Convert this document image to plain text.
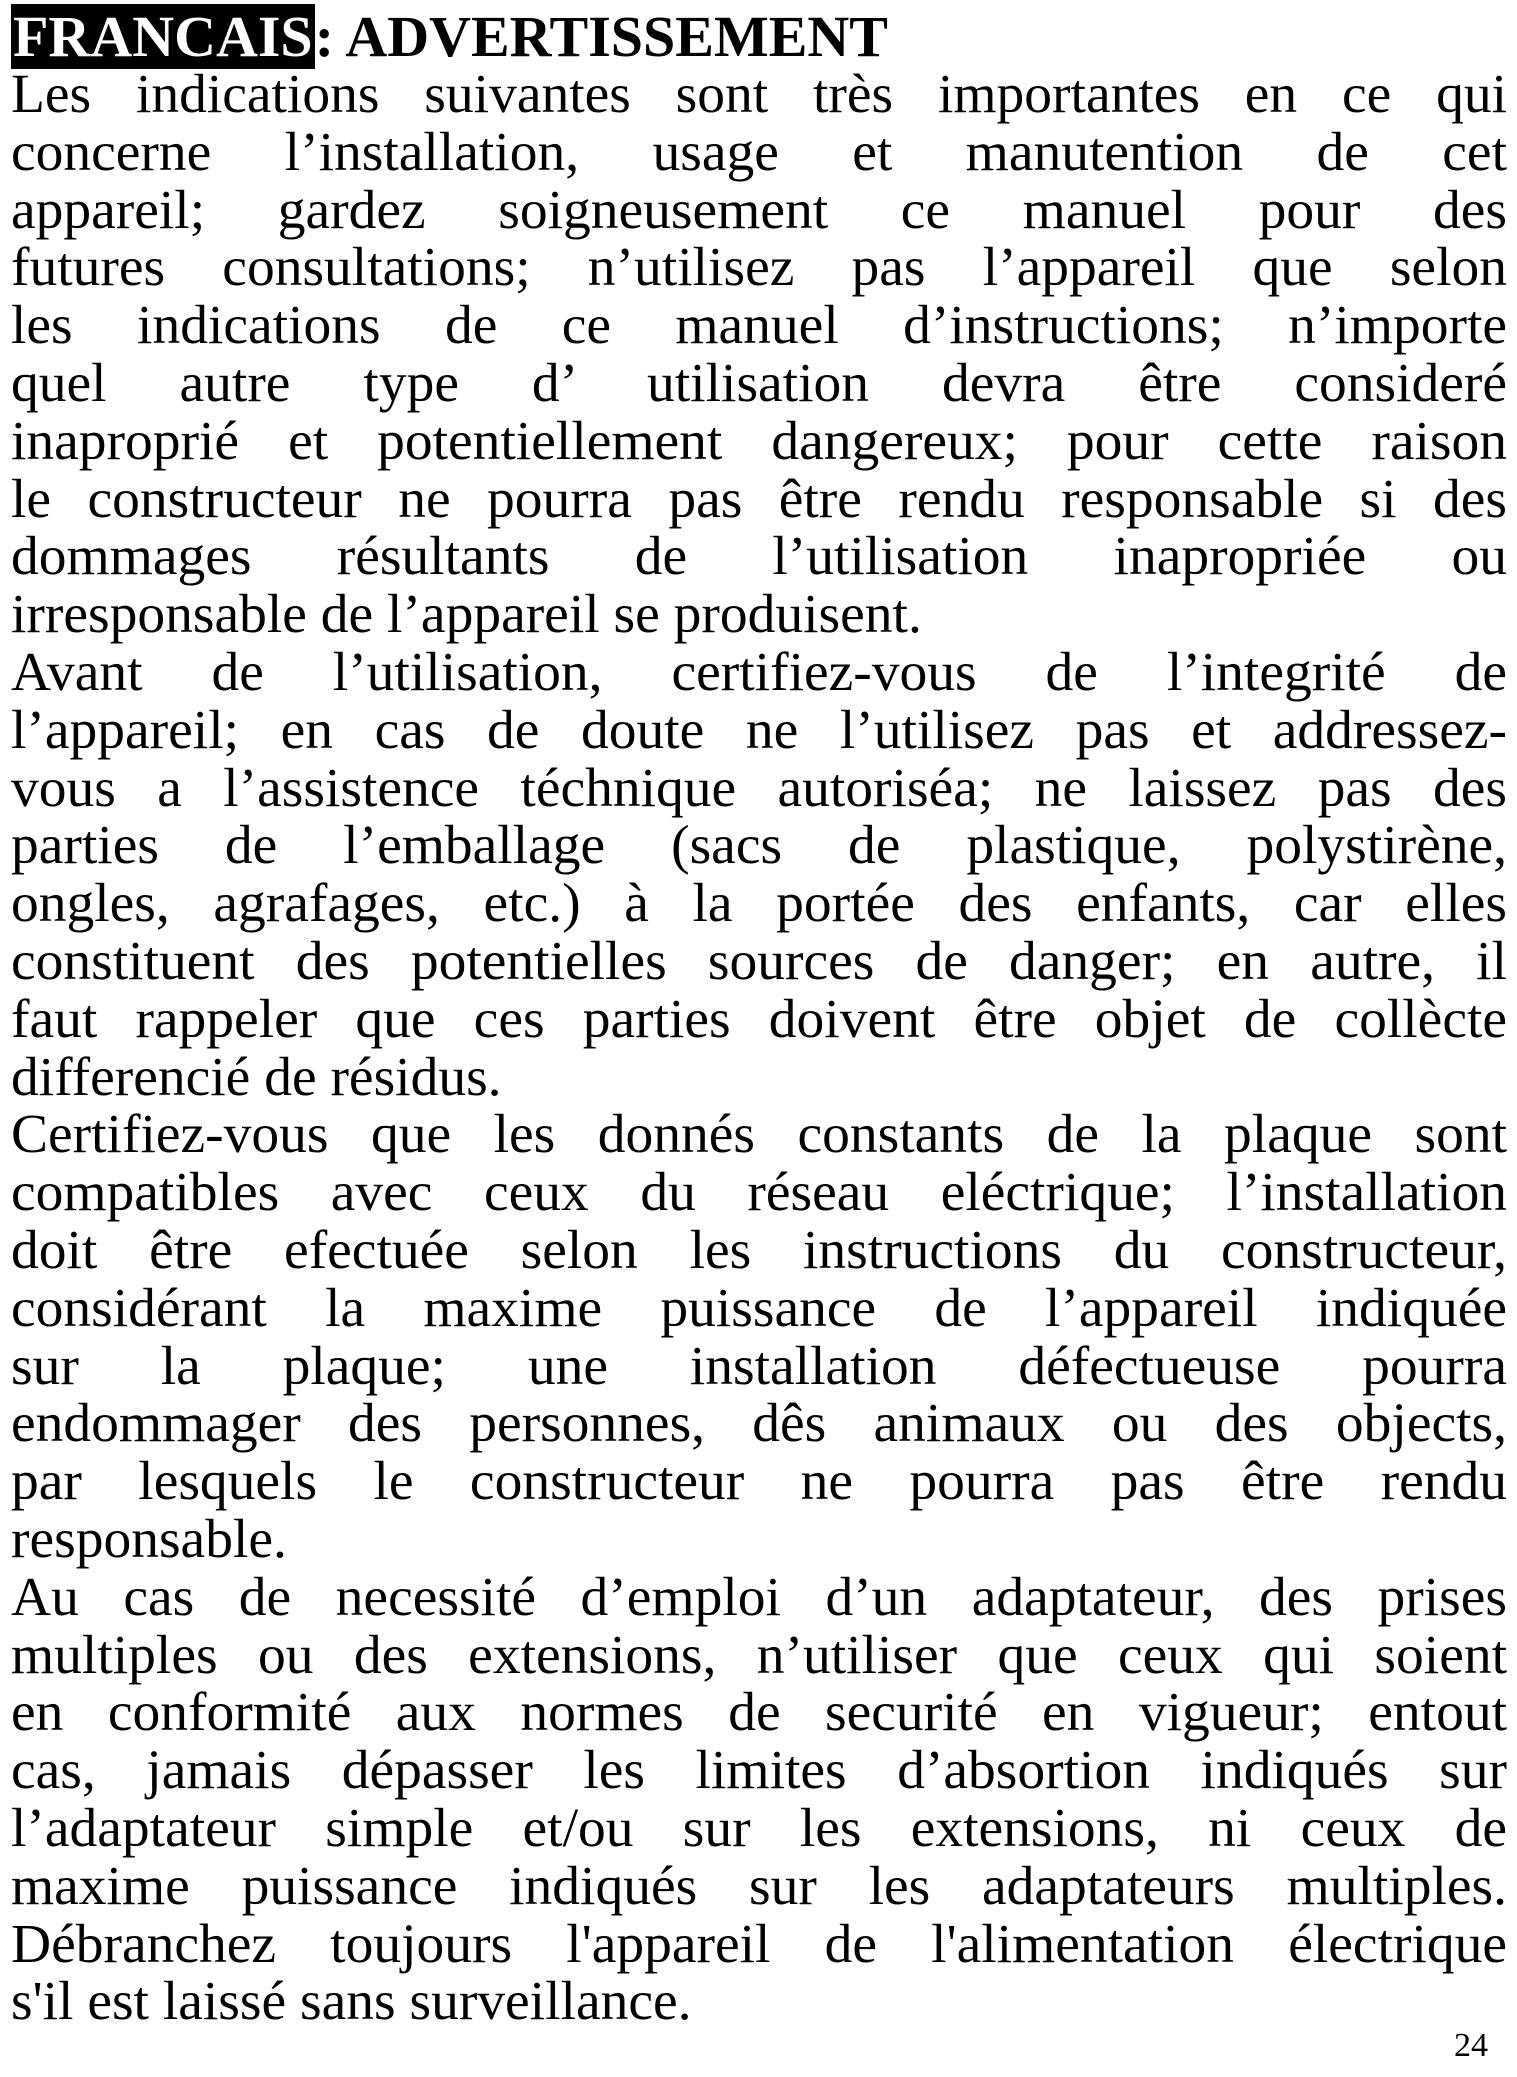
FRANCAIS: ADVERTISSEMENT
Les indications suivantes sont très importantes en ce qui
concerne l’installation, usage et manutention de cet
appareil; gardez soigneusement ce manuel pour des
futures consultations; n’utilisez pas l’appareil que selon
les indications de ce manuel d’instructions; n’importe
quel autre type d’ utilisation devra être consideré
inaproprié et potentiellement dangereux; pour cette raison
le constructeur ne pourra pas être rendu responsable si des
dommages résultants de l’utilisation inapropriée ou
irresponsable de l’appareil se produisent.
Avant de l’utilisation, certifiez-vous de l’integrité de
l’appareil; en cas de doute ne l’utilisez pas et addressez-
vous a l’assistence téchnique autoriséa; ne laissez pas des
parties de l’emballage (sacs de plastique, polystirène,
ongles, agrafages, etc.) à la portée des enfants, car elles
constituent des potentielles sources de danger; en autre, il
faut rappeler que ces parties doivent être objet de collècte
differencié de résidus.
Certifiez-vous que les donnés constants de la plaque sont
compatibles avec ceux du réseau eléctrique; l’installation
doit être efectuée selon les instructions du constructeur,
considérant la maxime puissance de l’appareil indiquée
sur la plaque; une installation défectueuse pourra
endommager des personnes, dês animaux ou des objects,
par lesquels le constructeur ne pourra pas être rendu
responsable.
Au cas de necessité d’emploi d’un adaptateur, des prises
multiples ou des extensions, n’utiliser que ceux qui soient
en conformité aux normes de securité en vigueur; entout
cas, jamais dépasser les limites d’absortion indiqués sur
l’adaptateur simple et/ou sur les extensions, ni ceux de
maxime puissance indiqués sur les adaptateurs multiples.
Débranchez toujours l'appareil de l'alimentation électrique
s'il est laissé sans surveillance.
24
